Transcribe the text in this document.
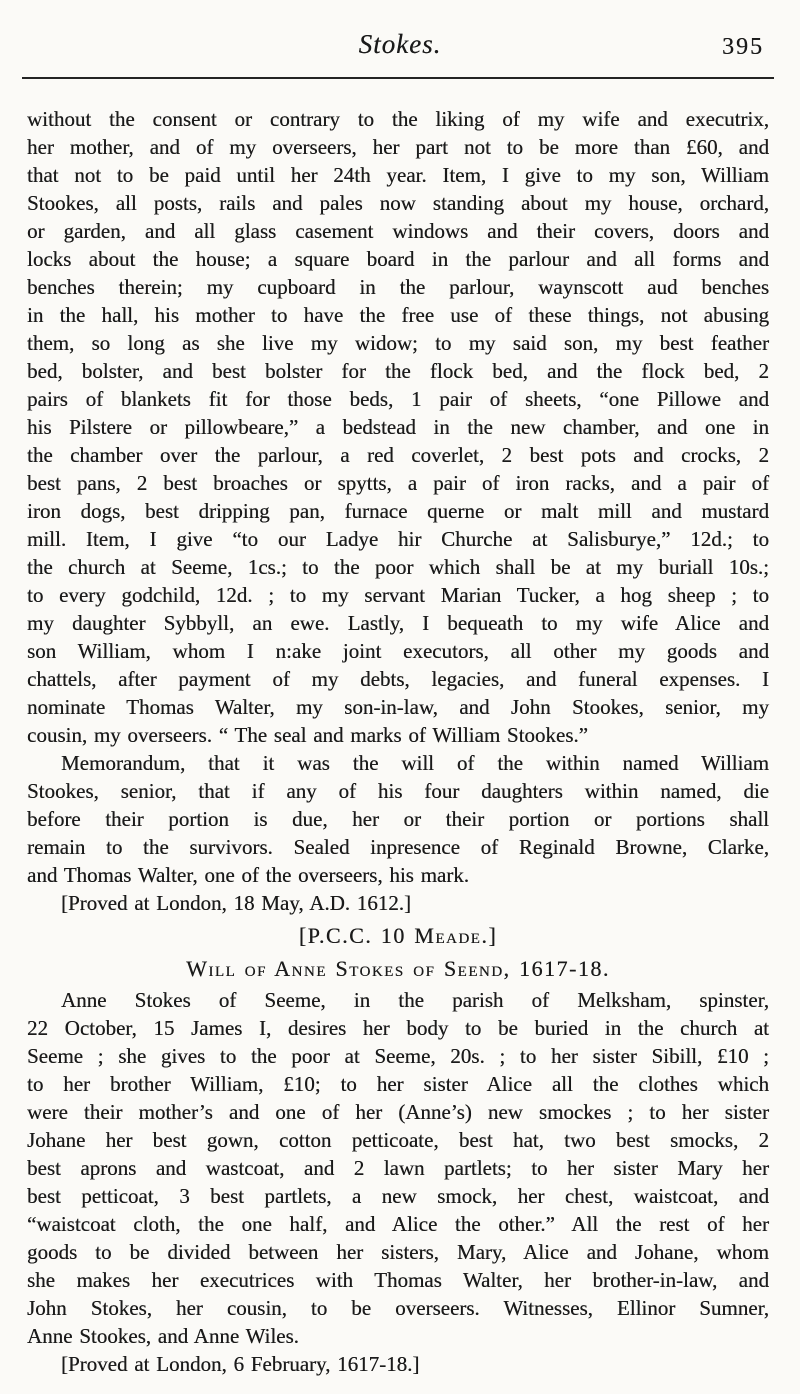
Stokes.	395
without the consent or contrary to the liking of my wife and executrix,
her mother, and of my overseers, her part not to be more than £60, and
that not to be paid until her 24th year. Item, I give to my son, William
Stookes, all posts, rails and pales now standing about my house, orchard,
or garden, and all glass casement windows and their covers, doors and
locks about the house; a square board in the parlour and all forms and
benches therein; my cupboard in the parlour, waynscott aud benches
in the hall, his mother to have the free use of these things, not abusing
them, so long as she live my widow; to my said son, my best feather
bed, bolster, and best bolster for the flock bed, and the flock bed, 2
pairs of blankets fit for those beds, 1 pair of sheets, “one Pillowe and
his Pilstere or pillowbeare,” a bedstead in the new chamber, and one in
the chamber over the parlour, a red coverlet, 2 best pots and crocks, 2
best pans, 2 best broaches or spytts, a pair of iron racks, and a pair of
iron dogs, best dripping pan, furnace querne or malt mill and mustard
mill. Item, I give “to our Ladye hir Churche at Salisburye,” 12d.; to
the church at Seeme, 1cs.; to the poor which shall be at my buriall 10s.;
to every godchild, 12d. ; to my servant Marian Tucker, a hog sheep ; to
my daughter Sybbyll, an ewe. Lastly, I bequeath to my wife Alice and
son William, whom I n:ake joint executors, all other my goods and
chattels, after payment of my debts, legacies, and funeral expenses. I
nominate Thomas Walter, my son-in-law, and John Stookes, senior, my
cousin, my overseers. “ The seal and marks of William Stookes.”
Memorandum, that it was the will of the within named William
Stookes, senior, that if any of his four daughters within named, die
before their portion is due, her or their portion or portions shall
remain to the survivors. Sealed inpresence of Reginald Browne, Clarke,
and Thomas Walter, one of the overseers, his mark.
[Proved at London, 18 May, A.D. 1612.]
[P.C.C. 10 Meade.]
Will of Anne Stokes of Seend, 1617-18.
Anne Stokes of Seeme, in the parish of Melksham, spinster,
22 October, 15 James I, desires her body to be buried in the church at
Seeme ; she gives to the poor at Seeme, 20s. ; to her sister Sibill, £10 ;
to her brother William, £10; to her sister Alice all the clothes which
were their mother’s and one of her (Anne’s) new smockes ; to her sister
Johane her best gown, cotton petticoate, best hat, two best smocks, 2
best aprons and wastcoat, and 2 lawn partlets; to her sister Mary her
best petticoat, 3 best partlets, a new smock, her chest, waistcoat, and
“waistcoat cloth, the one half, and Alice the other.” All the rest of her
goods to be divided between her sisters, Mary, Alice and Johane, whom
she makes her executrices with Thomas Walter, her brother-in-law, and
John Stokes, her cousin, to be overseers. Witnesses, Ellinor Sumner,
Anne Stookes, and Anne Wiles.
[Proved at London, 6 February, 1617-18.]
